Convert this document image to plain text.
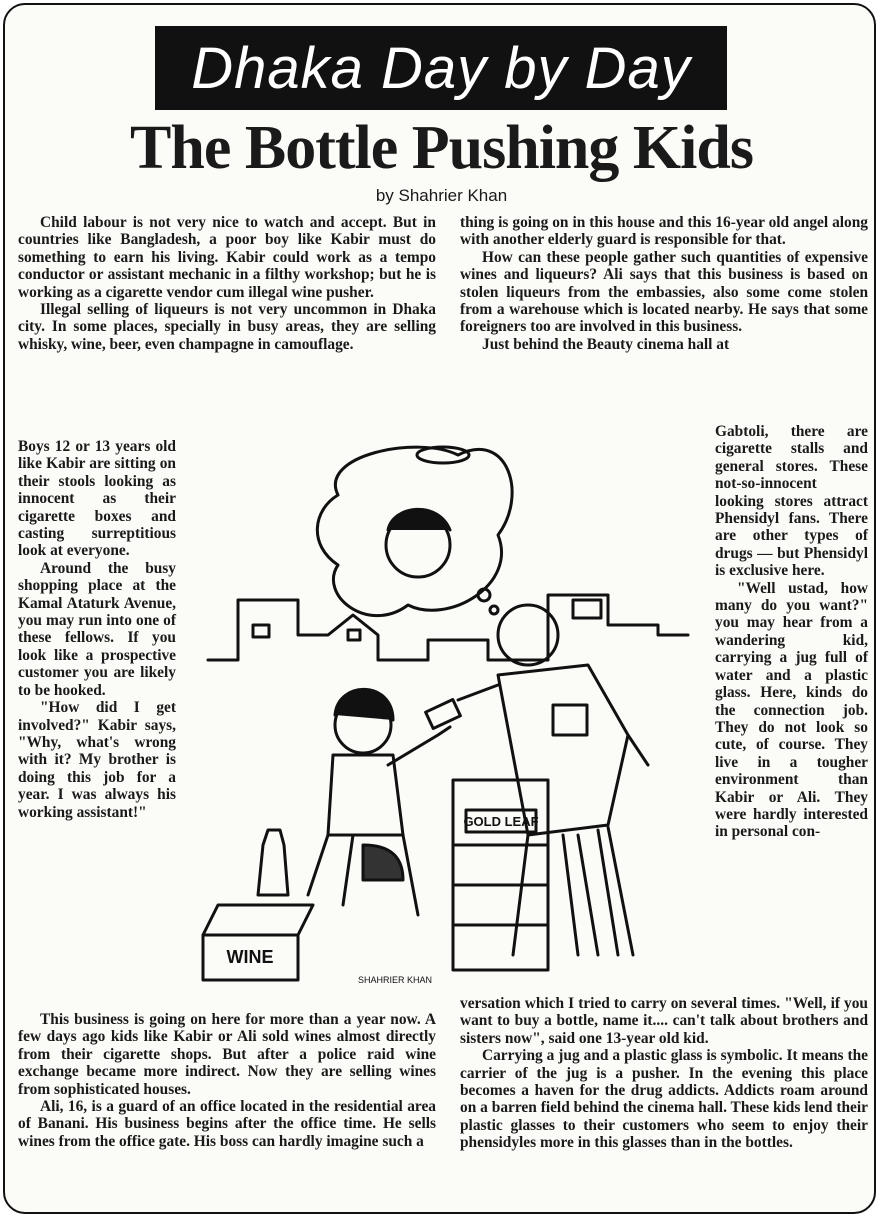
Dhaka Day by Day
The Bottle Pushing Kids
by Shahrier Khan

Child labour is not very nice to watch and accept. But in countries like Bangladesh, a poor boy like Kabir must do something to earn his living. Kabir could work as a tempo conductor or assistant mechanic in a filthy workshop; but he is working as a cigarette vendor cum illegal wine pusher.

Illegal selling of liqueurs is not very uncommon in Dhaka city. In some places, specially in busy areas, they are selling whisky, wine, beer, even champagne in camouflage.

Boys 12 or 13 years old like Kabir are sitting on their stools looking as innocent as their cigarette boxes and casting surreptitious look at everyone.

Around the busy shopping place at the Kamal Ataturk Avenue, you may run into one of these fellows. If you look like a prospective customer you are likely to be hooked.

"How did I get involved?" Kabir says, "Why, what's wrong with it? My brother is doing this job for a year. I was always his working assistant!"

This business is going on here for more than a year now. A few days ago kids like Kabir or Ali sold wines almost directly from their cigarette shops. But after a police raid wine exchange became more indirect. Now they are selling wines from sophisticated houses.

Ali, 16, is a guard of an office located in the residential area of Banani. His business begins after the office time. He sells wines from the office gate. His boss can hardly imagine such a

thing is going on in this house and this 16-year old angel along with another elderly guard is responsible for that.

How can these people gather such quantities of expensive wines and liqueurs? Ali says that this business is based on stolen liqueurs from the embassies, also some come stolen from a warehouse which is located nearby. He says that some foreigners too are involved in this business.

Just behind the Beauty cinema hall at

Gabtoli, there are cigarette stalls and general stores. These not-so-innocent looking stores attract Phensidyl fans. There are other types of drugs — but Phensidyl is exclusive here.

"Well ustad, how many do you want?" you may hear from a wandering kid, carrying a jug full of water and a plastic glass. Here, kinds do the connection job. They do not look so cute, of course. They live in a tougher environment than Kabir or Ali. They were hardly interested in personal con-

versation which I tried to carry on several times. "Well, if you want to buy a bottle, name it.... can't talk about brothers and sisters now", said one 13-year old kid.

Carrying a jug and a plastic glass is symbolic. It means the carrier of the jug is a pusher. In the evening this place becomes a haven for the drug addicts. Addicts roam around on a barren field behind the cinema hall. These kids lend their plastic glasses to their customers who seem to enjoy their phensidyles more in this glasses than in the bottles.

GOLD LEAF
WINE
SHAHRIER KHAN
